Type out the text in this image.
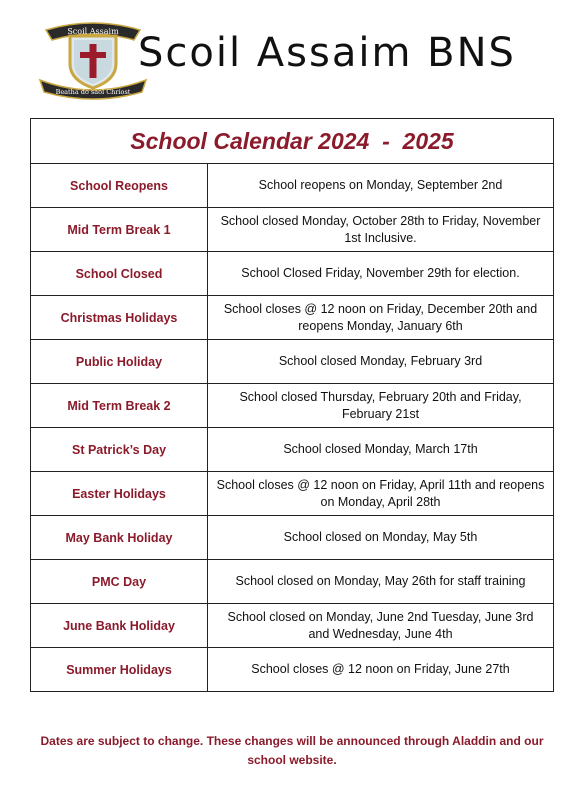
Scoil Assaim
Beatha do saol Chríost
Scoil Assaim BNS
School Calendar 2024  -  2025	
School Reopens	School reopens on Monday, September 2nd
Mid Term Break 1	School closed Monday, October 28th to Friday, November 1st Inclusive.
School Closed	School Closed Friday, November 29th for election.
Christmas Holidays	School closes @ 12 noon on Friday, December 20th and reopens Monday, January 6th
Public Holiday	School closed Monday, February 3rd
Mid Term Break 2	School closed Thursday, February 20th and Friday, February 21st
St Patrick’s Day	School closed Monday, March 17th
Easter Holidays	School closes @ 12 noon on Friday, April 11th and reopens on Monday, April 28th
May Bank Holiday	School closed on Monday, May 5th
PMC Day	School closed on Monday, May 26th for staff training
June Bank Holiday	School closed on Monday, June 2nd Tuesday, June 3rd and Wednesday, June 4th
Summer Holidays	School closes @ 12 noon on Friday, June 27th
Dates are subject to change. These changes will be announced through Aladdin and our school website.
